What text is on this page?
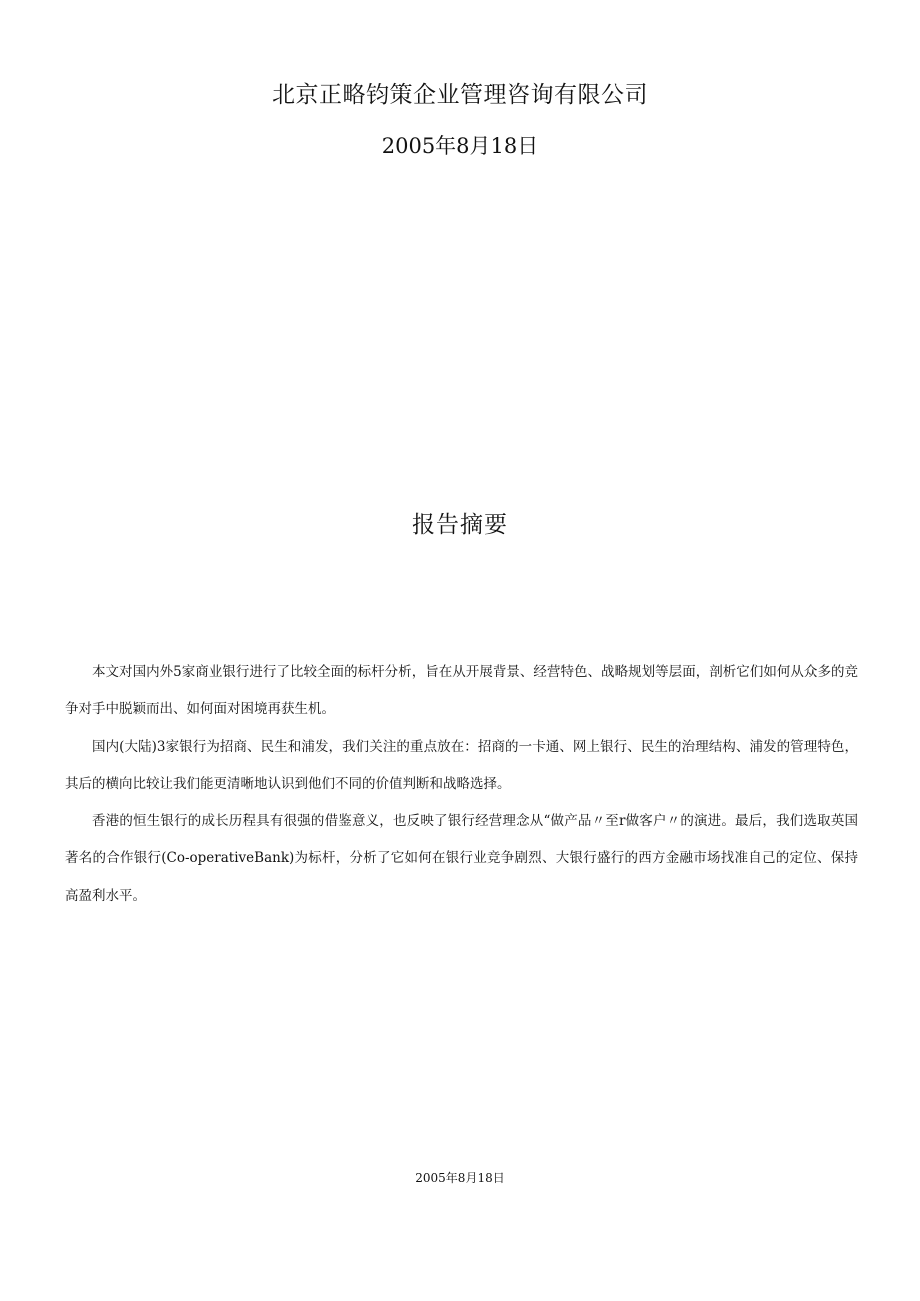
北京正略钧策企业管理咨询有限公司
2005年8月18日
报告摘要

本文对国内外5家商业银行进行了比较全面的标杆分析，旨在从开展背景、经营特色、战略规划等层面，剖析它们如何从众多的竞争对手中脱颖而出、如何面对困境再获生机。

国内(大陆)3家银行为招商、民生和浦发，我们关注的重点放在：招商的一卡通、网上银行、民生的治理结构、浦发的管理特色，其后的横向比较让我们能更清晰地认识到他们不同的价值判断和战略选择。

香港的恒生银行的成长历程具有很强的借鉴意义，也反映了银行经营理念从“做产品〃至r做客户〃的演进。最后，我们选取英国著名的合作银行(Co-operativeBank)为标杆，分析了它如何在银行业竞争剧烈、大银行盛行的西方金融市场找准自己的定位、保持高盈利水平。

2005年8月18日
